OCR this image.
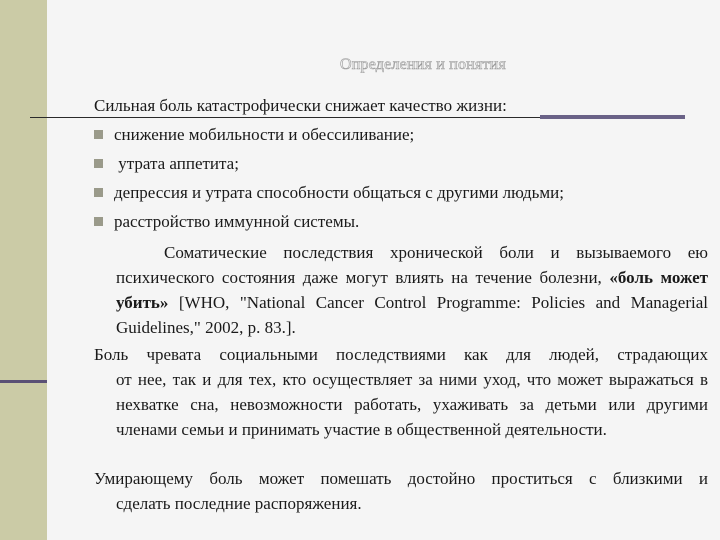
Определения и понятия
Сильная боль катастрофически снижает качество жизни:
снижение мобильности и обессиливание;
утрата аппетита;
депрессия и утрата способности общаться с другими людьми;
расстройство иммунной системы.
Соматические последствия хронической боли и вызываемого ею психического состояния даже могут влиять на течение болезни, «боль может убить» [WHO, "National Cancer Control Programme: Policies and Managerial Guidelines," 2002, p. 83.].
Боль чревата социальными последствиями как для людей, страдающих
от нее, так и для тех, кто осуществляет за ними уход, что может выражаться в нехватке сна, невозможности работать, ухаживать за детьми или другими членами семьи и принимать участие в общественной деятельности.
Умирающему боль может помешать достойно проститься с близкими и
сделать последние распоряжения.
